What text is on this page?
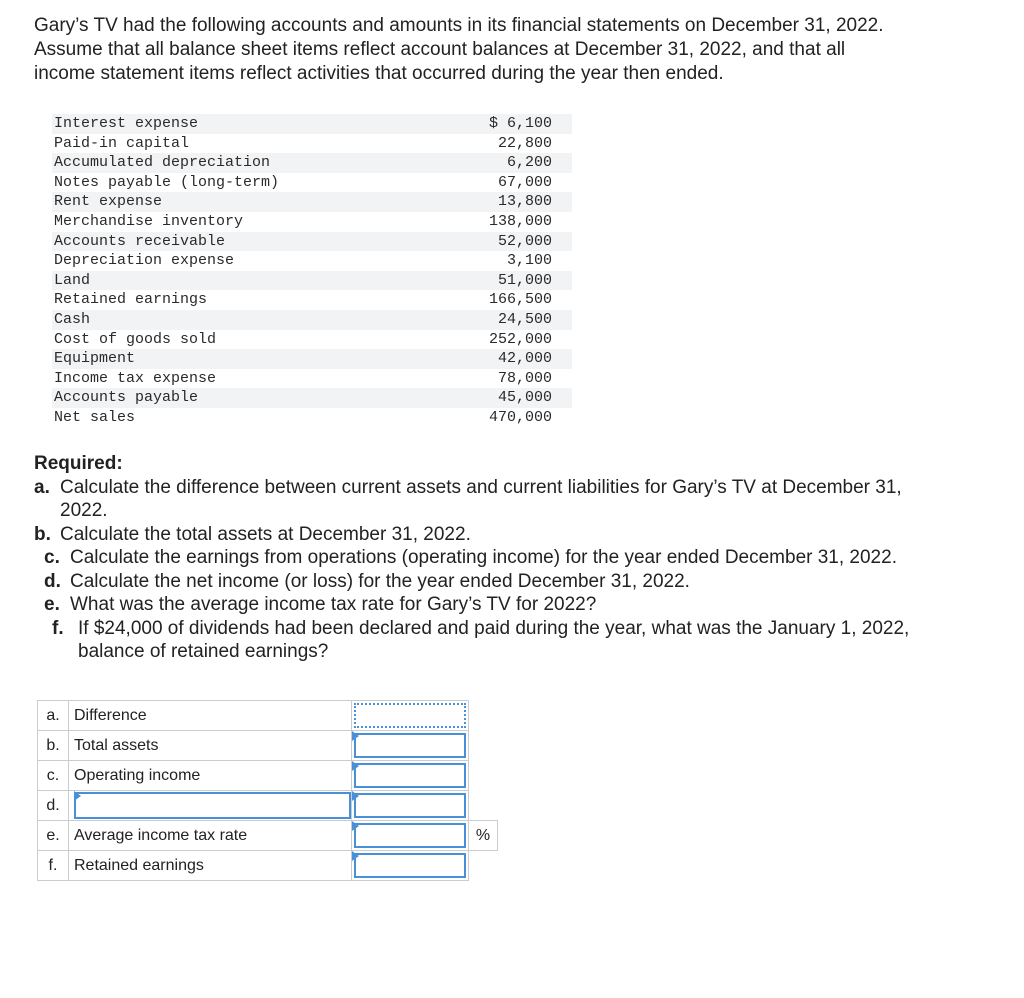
Gary’s TV had the following accounts and amounts in its financial statements on December 31, 2022.

Assume that all balance sheet items reflect account balances at December 31, 2022, and that all

income statement items reflect activities that occurred during the year then ended.

Interest expense	$ 6,100
Paid-in capital	22,800
Accumulated depreciation	6,200
Notes payable (long-term)	67,000
Rent expense	13,800
Merchandise inventory	138,000
Accounts receivable	52,000
Depreciation expense	3,100
Land	51,000
Retained earnings	166,500
Cash	24,500
Cost of goods sold	252,000
Equipment	42,000
Income tax expense	78,000
Accounts payable	45,000
Net sales	470,000
Required:
a. Calculate the difference between current assets and current liabilities for Gary’s TV at December 31,
2022.
b. Calculate the total assets at December 31, 2022.
c. Calculate the earnings from operations (operating income) for the year ended December 31, 2022.
d. Calculate the net income (or loss) for the year ended December 31, 2022.
e. What was the average income tax rate for Gary’s TV for 2022?
f. If $24,000 of dividends had been declared and paid during the year, what was the January 1, 2022,
balance of retained earnings?
a.	Difference	

b.	Total assets	

c.	Operating income	

d.	

e.	Average income tax rate		%
f.	Retained earnings	
